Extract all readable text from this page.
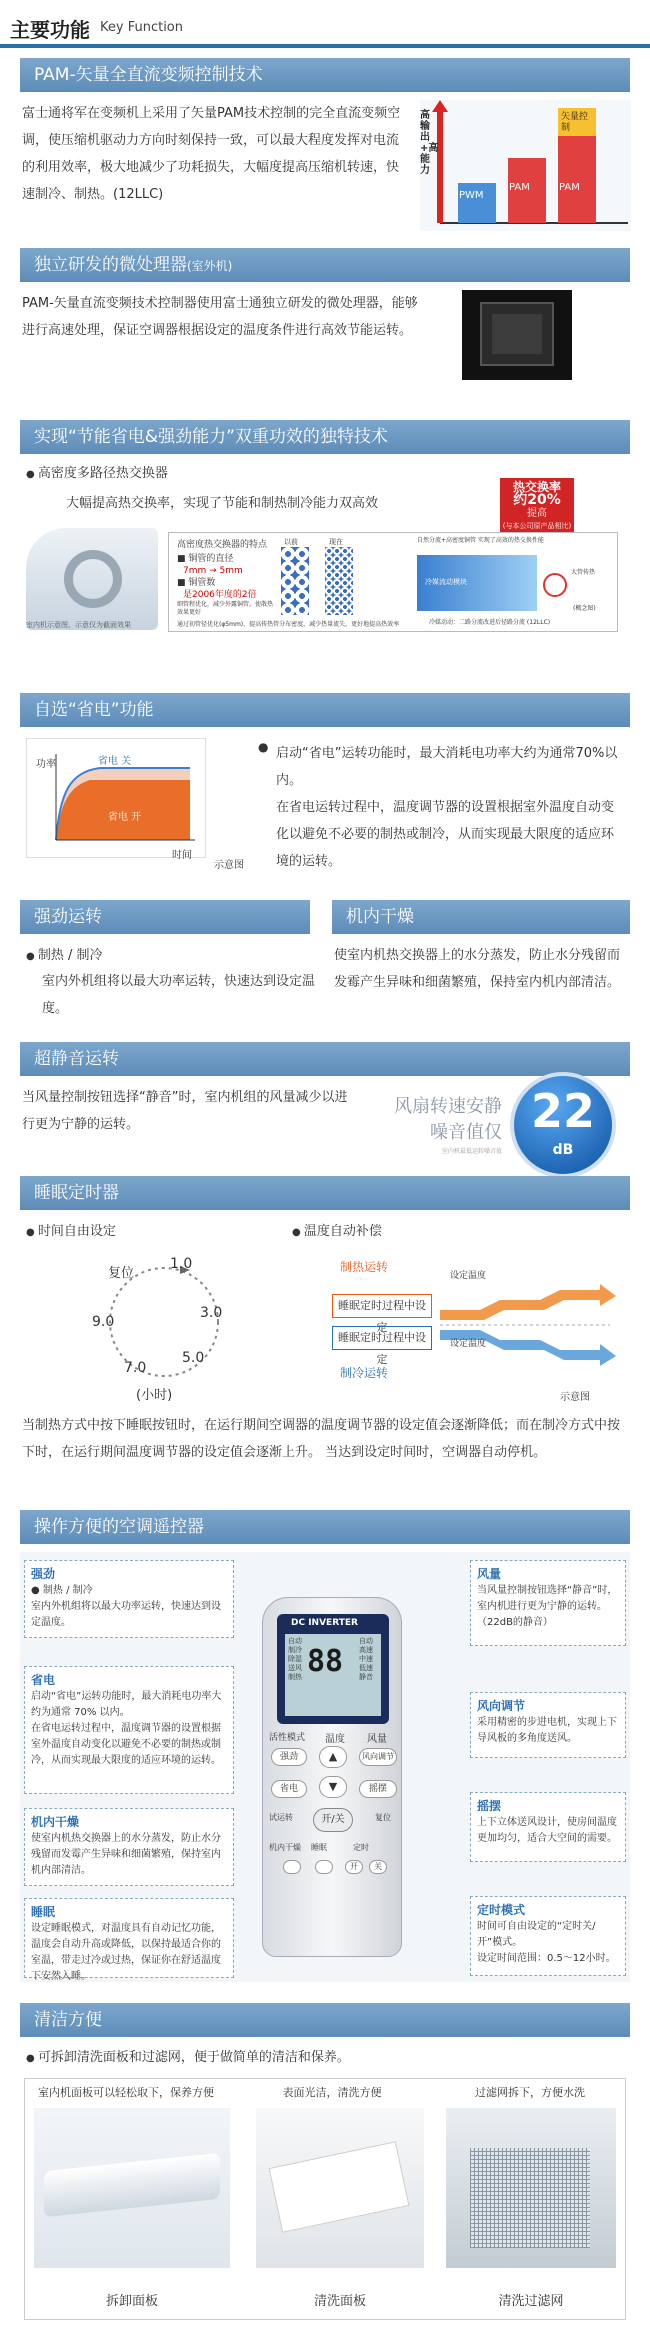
主要功能 Key Function
PAM-矢量全直流变频控制技术
富士通将军在变频机上采用了矢量PAM技术控制的完全直流变频空调，使压缩机驱动力方向时刻保持一致，可以最大程度发挥对电流的利用效率，极大地减少了功耗损失，大幅度提高压缩机转速，快速制冷、制热。(12LLC)
高输出+高能力
PWM
PAM	PAM
矢量控制
独立研发的微处理器(室外机)
PAM-矢量直流变频技术控制器使用富士通独立研发的微处理器，能够进行高速处理，保证空调器根据设定的温度条件进行高效节能运转。
实现“节能省电&强劲能力”双重功效的独特技术
● 高密度多路径热交换器
大幅提高热交换率，实现了节能和制热制冷能力双高效
热交换率
约20%
提高
(与本公司原产品相比)
室内机示意图，示意仅为截面效果
高密度热交换器的特点
■ 铜管的直径
7mm → 5mm
■ 铜管数
是2006年度的2倍
细管程优化，减少外露铜管，使散热效果更好
通过初管径优化(φ5mm)，提高传热管分布密度，减少热量流失，更好地提高热效率
以前	现在
冷媒流动模块
自然分流+高密度铜管 实现了高效的热交换性能
冷媒动动：二路分流改进后径路分流 (12LLC)
大管传热
(概念图)
自选“省电”功能
功率
时间
省电 关
省电 开
示意图
● 启动“省电”运转功能时，最大消耗电功率大约为通常70%以内。
在省电运转过程中，温度调节器的设置根据室外温度自动变化以避免不必要的制热或制冷，从而实现最大限度的适应环境的运转。
强劲运转	机内干燥
● 制热 / 制冷
室内外机组将以最大功率运转，快速达到设定温度。
使室内机热交换器上的水分蒸发，防止水分残留而发霉产生异味和细菌繁殖，保持室内机内部清洁。
超静音运转
当风量控制按钮选择“静音”时，室内机组的风量减少以进行更为宁静的运转。
风扇转速安静
噪音值仅
室内机最低运转噪音值
22
dB
睡眠定时器
● 时间自由设定
●	温度自动补偿
复位
1.0
3.0
5.0
7.0
9.0
(小时)
制热运转
睡眠定时过程中设定
睡眠定时过程中设定
制冷运转
设定温度
设定温度
示意图
当制热方式中按下睡眠按钮时，在运行期间空调器的温度调节器的设定值会逐渐降低；而在制冷方式中按下时，在运行期间温度调节器的设定值会逐渐上升。 当达到设定时间时，空调器自动停机。
操作方便的空调遥控器
DC INVERTER
自动
制冷
除湿
送风
制热 88
自动
高速
中速
低速
静音
活性模式 温度 风量
▲
▼
强劲	风向调节
省电	摇摆
开/关
试运转	复位
机内干燥 睡眠	定时
开	关
强劲
● 制热 / 制冷
室内外机组将以最大功率运转，快速达到设定温度。
省电
启动“省电”运转功能时，最大消耗电功率大约为通常 70% 以内。
在省电运转过程中，温度调节器的设置根据室外温度自动变化以避免不必要的制热或制冷，从而实现最大限度的适应环境的运转。
机内干燥
使室内机热交换器上的水分蒸发，防止水分残留而发霉产生异味和细菌繁殖，保持室内机内部清洁。
睡眠
设定睡眠模式，对温度具有自动记忆功能，温度会自动升高或降低，以保持最适合你的室温，带走过冷或过热，保证你在舒适温度下安然入睡。
风量
当风量控制按钮选择“静音”时，室内机进行更为宁静的运转。（22dB的静音）
风向调节
采用精密的步进电机，实现上下导风板的多角度送风。
摇摆
上下立体送风设计，使房间温度更加均匀，适合大空间的需要。
定时模式
时间可自由设定的“定时关/开”模式。
设定时间范围：0.5～12小时。
清洁方便
● 可拆卸清洗面板和过滤网，便于做简单的清洁和保养。
室内机面板可以轻松取下，保养方便	表面光洁，清洗方便	过滤网拆下，方便水洗
拆卸面板	清洗面板	清洗过滤网
